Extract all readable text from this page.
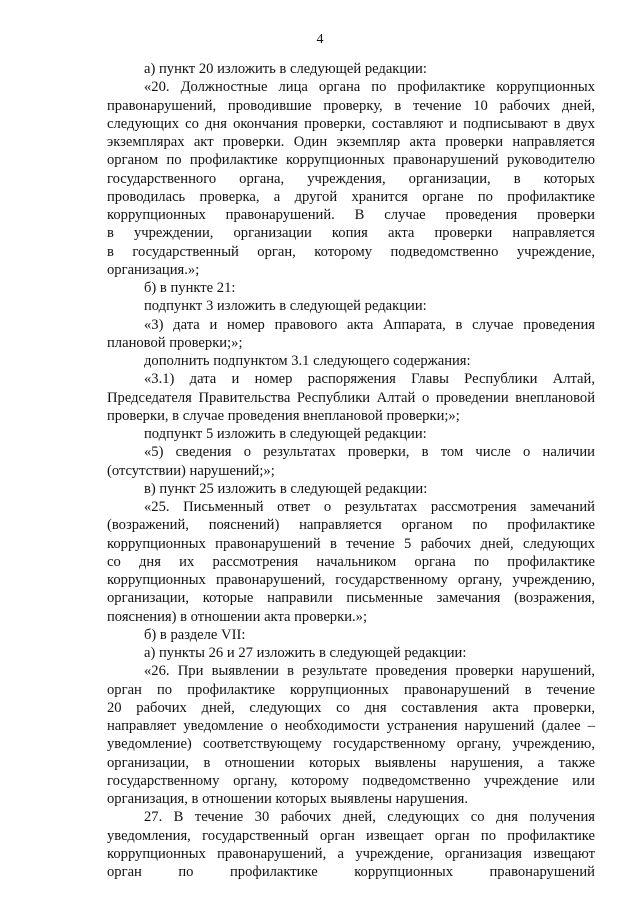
4
а) пункт 20 изложить в следующей редакции:
«20. Должностные лица органа по профилактике коррупционных
правонарушений, проводившие проверку, в течение 10 рабочих дней,
следующих со дня окончания проверки, составляют и подписывают в двух
экземплярах акт проверки. Один экземпляр акта проверки направляется
органом по профилактике коррупционных правонарушений руководителю
государственного органа, учреждения, организации, в которых
проводилась проверка, а другой хранится органе по профилактике
коррупционных правонарушений. В случае проведения проверки
в учреждении, организации копия акта проверки направляется
в государственный орган, которому подведомственно учреждение,
организация.»;
б) в пункте 21:
подпункт 3 изложить в следующей редакции:
«3) дата и номер правового акта Аппарата, в случае проведения
плановой проверки;»;
дополнить подпунктом 3.1 следующего содержания:
«3.1) дата и номер распоряжения Главы Республики Алтай,
Председателя Правительства Республики Алтай о проведении внеплановой
проверки, в случае проведения внеплановой проверки;»;
подпункт 5 изложить в следующей редакции:
«5) сведения о результатах проверки, в том числе о наличии
(отсутствии) нарушений;»;
в) пункт 25 изложить в следующей редакции:
«25. Письменный ответ о результатах рассмотрения замечаний
(возражений, пояснений) направляется органом по профилактике
коррупционных правонарушений в течение 5 рабочих дней, следующих
со дня их рассмотрения начальником органа по профилактике
коррупционных правонарушений, государственному органу, учреждению,
организации, которые направили письменные замечания (возражения,
пояснения) в отношении акта проверки.»;
б) в разделе VII:
а) пункты 26 и 27 изложить в следующей редакции:
«26. При выявлении в результате проведения проверки нарушений,
орган по профилактике коррупционных правонарушений в течение
20 рабочих дней, следующих со дня составления акта проверки,
направляет уведомление о необходимости устранения нарушений (далее –
уведомление) соответствующему государственному органу, учреждению,
организации, в отношении которых выявлены нарушения, а также
государственному органу, которому подведомственно учреждение или
организация, в отношении которых выявлены нарушения.
27. В течение 30 рабочих дней, следующих со дня получения
уведомления, государственный орган извещает орган по профилактике
коррупционных правонарушений, а учреждение, организация извещают
орган по профилактике коррупционных правонарушений
